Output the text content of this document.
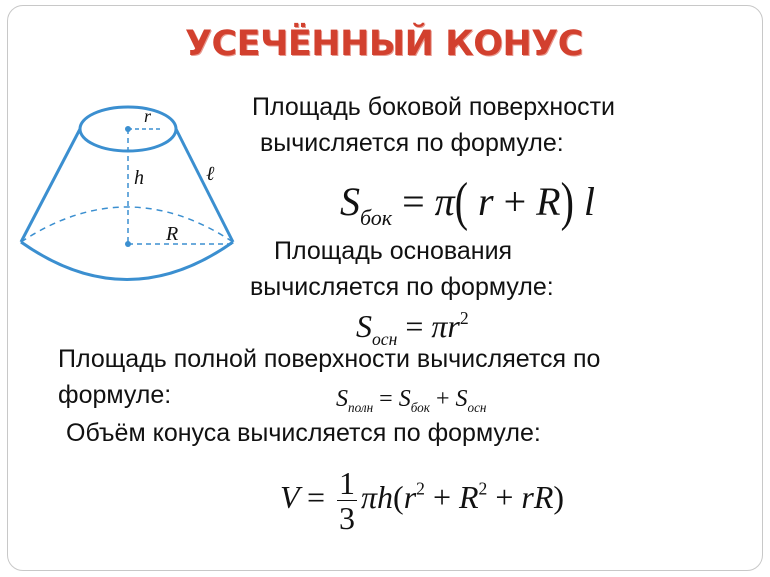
УСЕЧЁННЫЙ КОНУС
r
h	ℓ
R
Площадь боковой поверхности
вычисляется по формуле:
$S_{бок} = \pi$( r + R) l
Площадь основания
вычисляется по формуле:
$S_{осн} = \pi r^2$
Площадь полной поверхности вычисляется по
формуле:	$S_{полн} = S_{бок} + S_{осн}$
Объём конуса вычисляется по формуле:
$V = \frac{1}{3} \pi h(r^2 + R^2 + rR)$
